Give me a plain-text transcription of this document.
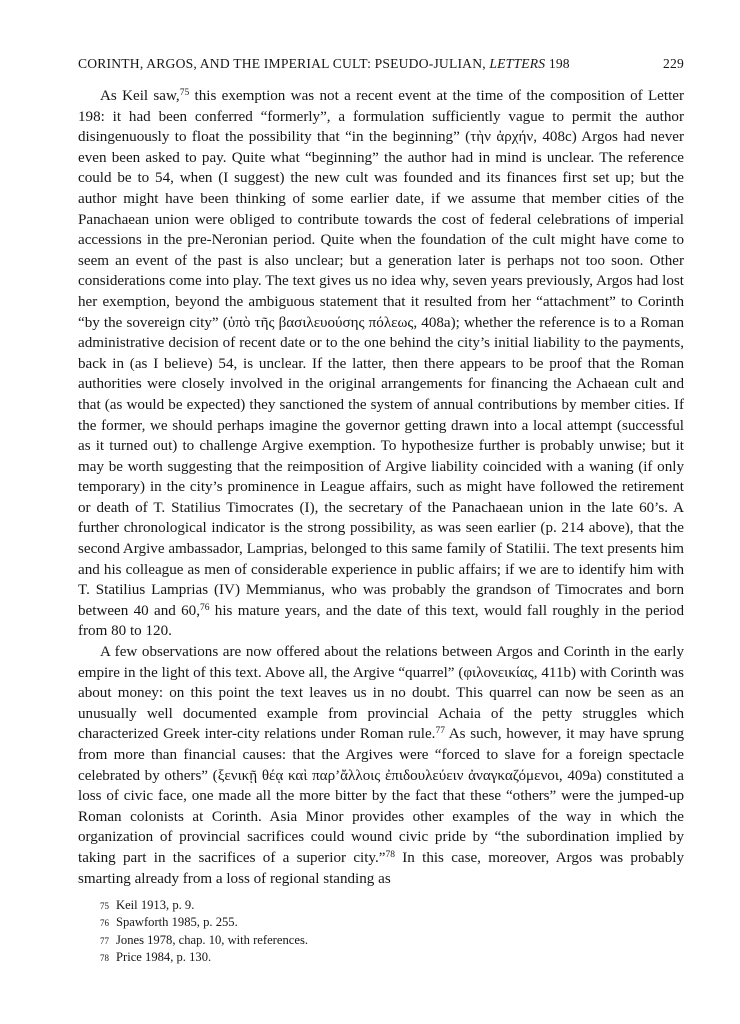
CORINTH, ARGOS, AND THE IMPERIAL CULT: PSEUDO-JULIAN, LETTERS 198	229

As Keil saw,$^{75}$ this exemption was not a recent event at the time of the composition of Letter 198: it had been conferred “formerly”, a formulation sufficiently vague to permit the author disingenuously to float the possibility that “in the beginning” (τὴν ἀρχήν, 408c) Argos had never even been asked to pay. Quite what “beginning” the author had in mind is unclear. The reference could be to 54, when (I suggest) the new cult was founded and its finances first set up; but the author might have been thinking of some earlier date, if we assume that member cities of the Panachaean union were obliged to contribute towards the cost of federal celebrations of imperial accessions in the pre-Neronian period. Quite when the foundation of the cult might have come to seem an event of the past is also unclear; but a generation later is perhaps not too soon. Other considerations come into play. The text gives us no idea why, seven years previously, Argos had lost her exemption, beyond the ambiguous statement that it resulted from her “attachment” to Corinth “by the sovereign city” (ὑπὸ τῆς βασιλευούσης πόλεως, 408a); whether the reference is to a Roman administrative decision of recent date or to the one behind the city’s initial liability to the payments, back in (as I believe) 54, is unclear. If the latter, then there appears to be proof that the Roman authorities were closely involved in the original arrangements for financing the Achaean cult and that (as would be expected) they sanctioned the system of annual contributions by member cities. If the former, we should perhaps imagine the governor getting drawn into a local attempt (successful as it turned out) to challenge Argive exemption. To hypothesize further is probably unwise; but it may be worth suggesting that the reimposition of Argive liability coincided with a waning (if only temporary) in the city’s prominence in League affairs, such as might have followed the retirement or death of T. Statilius Timocrates (I), the secretary of the Panachaean union in the late 60’s. A further chronological indicator is the strong possibility, as was seen earlier (p. 214 above), that the second Argive ambassador, Lamprias, belonged to this same family of Statilii. The text presents him and his colleague as men of considerable experience in public affairs; if we are to identify him with T. Statilius Lamprias (IV) Memmianus, who was probably the grandson of Timocrates and born between 40 and 60,76 his mature years, and the date of this text, would fall roughly in the period from 80 to 120.

A few observations are now offered about the relations between Argos and Corinth in the early empire in the light of this text. Above all, the Argive “quarrel” (φιλονεικίας, 411b) with Corinth was about money: on this point the text leaves us in no doubt. This quarrel can now be seen as an unusually well documented example from provincial Achaia of the petty struggles which characterized Greek inter-city relations under Roman rule.$^{77}$ As such, however, it may have sprung from more than financial causes: that the Argives were “forced to slave for a foreign spectacle celebrated by others” (ξενικῇ θέᾳ καὶ παρ’ἄλλοις ἐπιδουλεύειν ἀναγκαζόμενοι, 409a) constituted a loss of civic face, one made all the more bitter by the fact that these “others” were the jumped-up Roman colonists at Corinth. Asia Minor provides other examples of the way in which the organization of provincial sacrifices could wound civic pride by “the subordination implied by taking part in the sacrifices of a superior city.”$^{78}$ In this case, moreover, Argos was probably smarting already from a loss of regional standing as

75 Keil 1913, p. 9.
76 Spawforth 1985, p. 255.
77 Jones 1978, chap. 10, with references.
78 Price 1984, p. 130.
